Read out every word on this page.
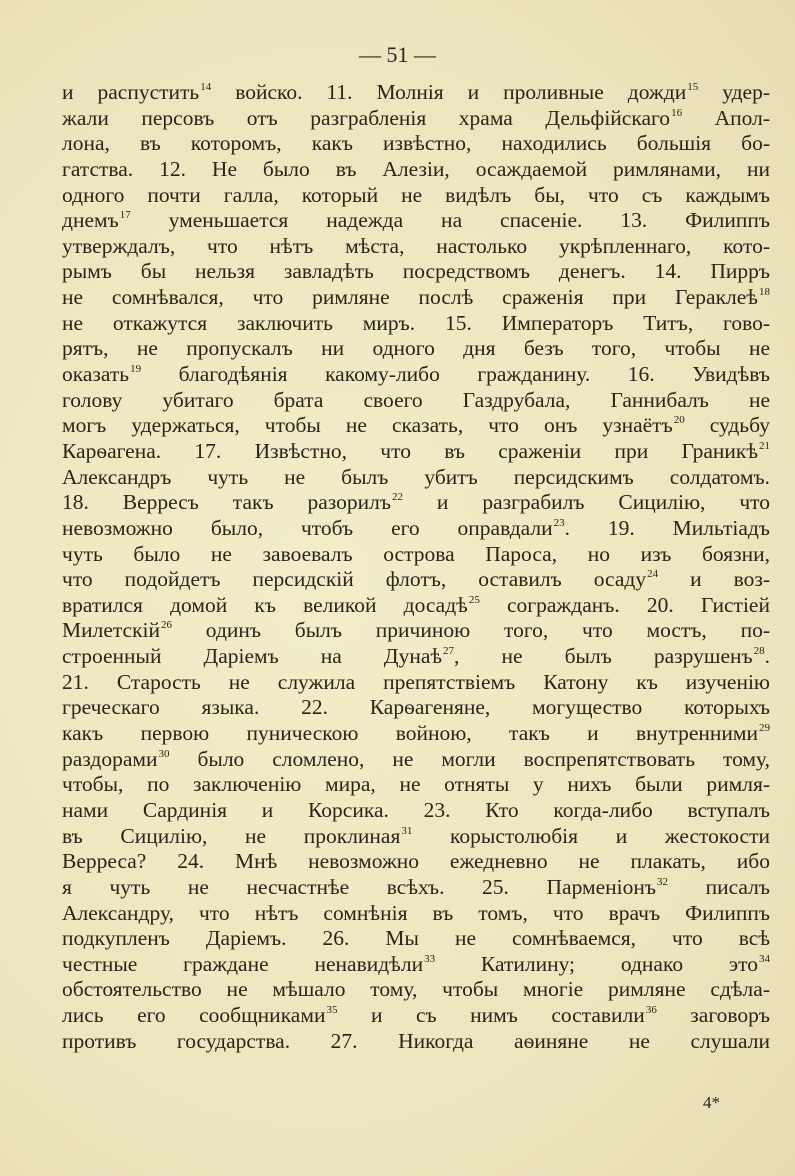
— 51 —
и распустить$^{14}$ войско. 11. Молнія и проливные дожди$^{15}$ удер-
жали персовъ отъ разграбленія храма Дельфійскаго$^{16}$ Апол-
лона, въ которомъ, какъ извѣстно, находились большія бо-
гатства. 12. Не было въ Алезіи, осаждаемой римлянами, ни
одного почти галла, который не видѣлъ бы, что съ каждымъ
днемъ$^{17}$ уменьшается надежда на спасеніе. 13. Филиппъ
утверждалъ, что нѣтъ мѣста, настолько укрѣпленнаго, кото-
рымъ бы нельзя завладѣть посредствомъ денегъ. 14. Пирръ
не сомнѣвался, что римляне послѣ сраженія при Гераклеѣ$^{18}$
не откажутся заключить миръ. 15. Императоръ Титъ, гово-
рятъ, не пропускалъ ни одного дня безъ того, чтобы не
оказать$^{19}$ благодѣянія какому-либо гражданину. 16. Увидѣвъ
голову убитаго брата своего Газдрубала, Ганнибалъ не
могъ удержаться, чтобы не сказать, что онъ узнаётъ$^{20}$ судьбу
Карѳагена. 17. Извѣстно, что въ сраженіи при Граникѣ$^{21}$
Александръ чуть не былъ убитъ персидскимъ солдатомъ.
18. Верресъ такъ разорилъ$^{22}$ и разграбилъ Сицилію, что
невозможно было, чтобъ его оправдали$^{23}$. 19. Мильтіадъ
чуть было не завоевалъ острова Пароса, но изъ боязни,
что подойдетъ персидскій флотъ, оставилъ осаду$^{24}$ и воз-
вратился домой къ великой досадѣ$^{25}$ согражданъ. 20. Гистіей
Милетскій$^{26}$ одинъ былъ причиною того, что мостъ, по-
строенный Даріемъ на Дунаѣ$^{27}$, не былъ разрушенъ$^{28}$.
21. Старость не служила препятствіемъ Катону къ изученію
греческаго языка. 22. Карѳагеняне, могущество которыхъ
какъ первою пуническою войною, такъ и внутренними$^{29}$
раздорами$^{30}$ было сломлено, не могли воспрепятствовать тому,
чтобы, по заключенію мира, не отняты у нихъ были римля-
нами Сардинія и Корсика. 23. Кто когда-либо вступалъ
въ Сицилію, не проклиная$^{31}$ корыстолюбія и жестокости
Верреса? 24. Мнѣ невозможно ежедневно не плакать, ибо
я чуть не несчастнѣе всѣхъ. 25. Парменіонъ$^{32}$ писалъ
Александру, что нѣтъ сомнѣнія въ томъ, что врачъ Филиппъ
подкупленъ Даріемъ. 26. Мы не сомнѣваемся, что всѣ
честные граждане ненавидѣли$^{33}$ Катилину; однако это$^{34}$
обстоятельство не мѣшало тому, чтобы многіе римляне сдѣла-
лись его сообщниками$^{35}$ и съ нимъ составили$^{36}$ заговоръ
противъ государства. 27. Никогда аѳиняне не слушали
4*
